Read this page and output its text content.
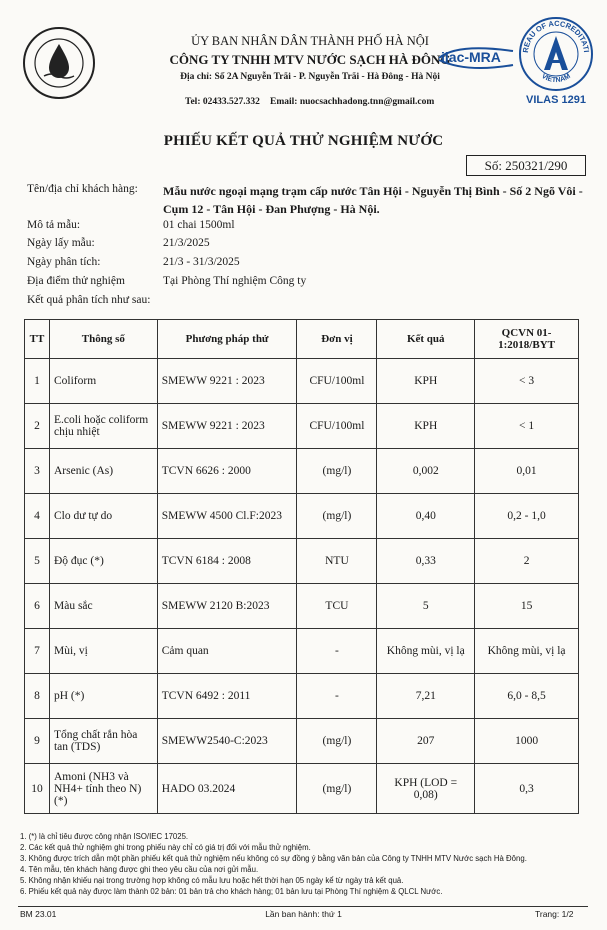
ỦY BAN NHÂN DÂN THÀNH PHỐ HÀ NỘI
CÔNG TY TNHH MTV NƯỚC SẠCH HÀ ĐÔNG
Địa chỉ: Số 2A Nguyễn Trãi - P. Nguyễn Trãi - Hà Đông - Hà Nội
Tel: 02433.527.332 Email: nuocsachhadong.tnn@gmail.com
ilac-MRA	REAU OF ACCREDITATI
VIETNAM
VILAS 1291
PHIẾU KẾT QUẢ THỬ NGHIỆM NƯỚC
Số: 250321/290
Tên/địa chỉ khách hàng: Mẫu nước ngoại mạng trạm cấp nước Tân Hội - Nguyễn Thị Bình - Số 2 Ngõ Vôi - Cụm 12 - Tân Hội - Đan Phượng - Hà Nội.
Mô tả mẫu:	01 chai 1500ml
Ngày lấy mẫu:	21/3/2025
Ngày phân tích:	21/3 - 31/3/2025
Địa điểm thử nghiệm	Tại Phòng Thí nghiệm Công ty
Kết quả phân tích như sau:
TT	Thông số	Phương pháp thử	Đơn vị	Kết quả	QCVN 01-1:2018/BYT
1	Coliform	SMEWW 9221 : 2023	CFU/100ml	KPH	< 3
2	E.coli hoặc coliform chịu nhiệt	SMEWW 9221 : 2023	CFU/100ml	KPH	< 1
3	Arsenic (As)	TCVN 6626 : 2000	(mg/l)	0,002	0,01
4	Clo dư tự do	SMEWW 4500 Cl.F:2023	(mg/l)	0,40	0,2 - 1,0
5	Độ đục (*)	TCVN 6184 : 2008	NTU	0,33	2
6	Màu sắc	SMEWW 2120 B:2023	TCU	5	15
7	Mùi, vị	Cảm quan	-	Không mùi, vị lạ	Không mùi, vị lạ
8	pH (*)	TCVN 6492 : 2011	-	7,21	6,0 - 8,5
9	Tổng chất rắn hòa tan (TDS)	SMEWW2540-C:2023	(mg/l)	207	1000
10	Amoni (NH3 và NH4+ tính theo N) (*)	HADO 03.2024	(mg/l)	KPH (LOD = 0,08)	0,3
1. (*) là chỉ tiêu được công nhận ISO/IEC 17025.
2. Các kết quả thử nghiệm ghi trong phiếu này chỉ có giá trị đối với mẫu thử nghiệm.
3. Không được trích dẫn một phần phiếu kết quả thử nghiệm nếu không có sự đồng ý bằng văn bản của Công ty TNHH MTV Nước sạch Hà Đông.
4. Tên mẫu, tên khách hàng được ghi theo yêu cầu của nơi gửi mẫu.
5. Không nhận khiếu nại trong trường hợp không có mẫu lưu hoặc hết thời hạn 05 ngày kể từ ngày trả kết quả.
6. Phiếu kết quả này được làm thành 02 bản: 01 bản trả cho khách hàng; 01 bản lưu tại Phòng Thí nghiệm & QLCL Nước.
BM 23.01	Lần ban hành: thứ 1	Trang: 1/2
